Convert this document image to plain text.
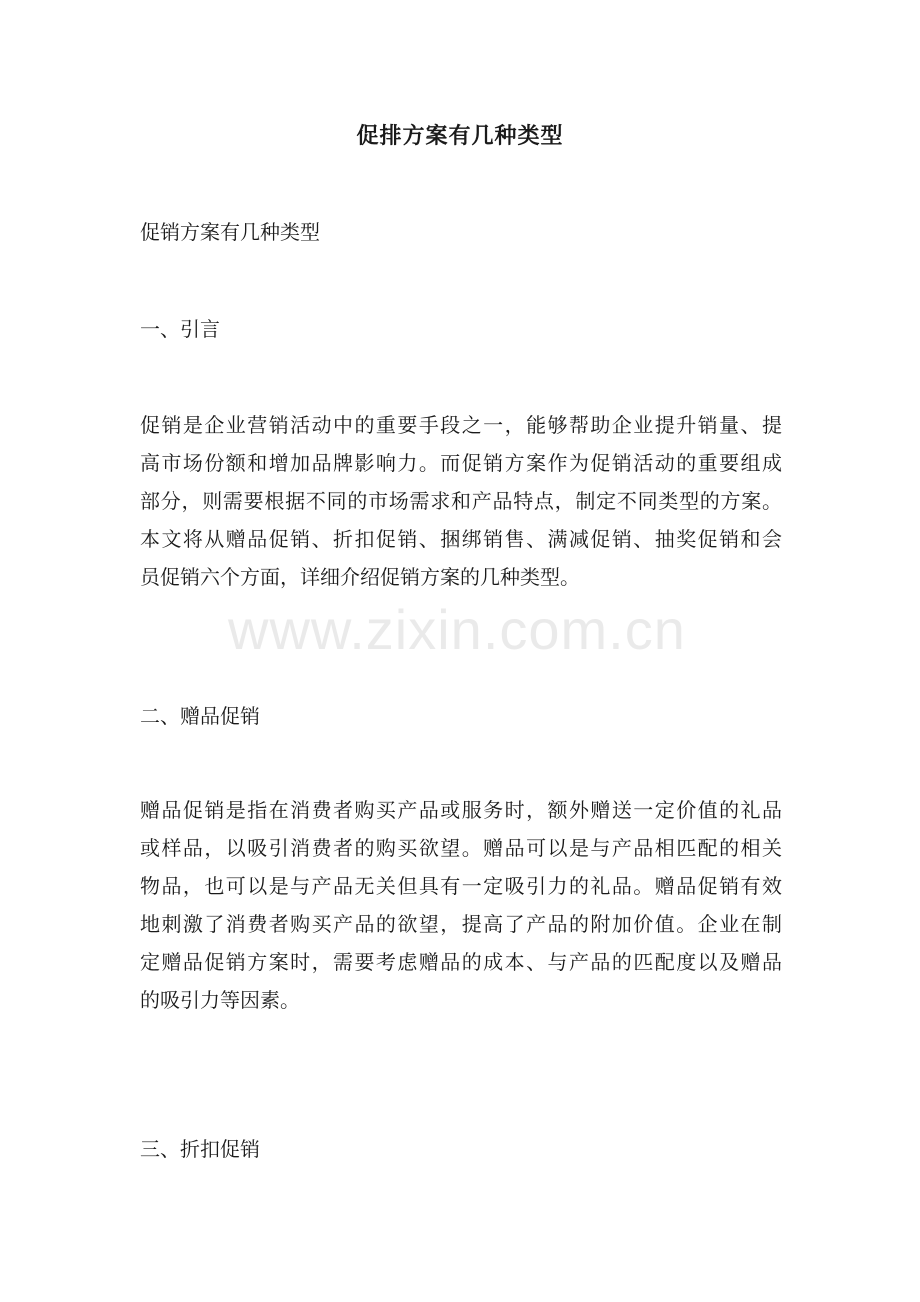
促排方案有几种类型
促销方案有几种类型
一、引言

促销是企业营销活动中的重要手段之一，能够帮助企业提升销量、提

高市场份额和增加品牌影响力。而促销方案作为促销活动的重要组成

部分，则需要根据不同的市场需求和产品特点，制定不同类型的方案。

本文将从赠品促销、折扣促销、捆绑销售、满减促销、抽奖促销和会

员促销六个方面，详细介绍促销方案的几种类型。

二、赠品促销

赠品促销是指在消费者购买产品或服务时，额外赠送一定价值的礼品

或样品，以吸引消费者的购买欲望。赠品可以是与产品相匹配的相关

物品，也可以是与产品无关但具有一定吸引力的礼品。赠品促销有效

地刺激了消费者购买产品的欲望，提高了产品的附加价值。企业在制

定赠品促销方案时，需要考虑赠品的成本、与产品的匹配度以及赠品

的吸引力等因素。

三、折扣促销
www.zixin.com.cn
